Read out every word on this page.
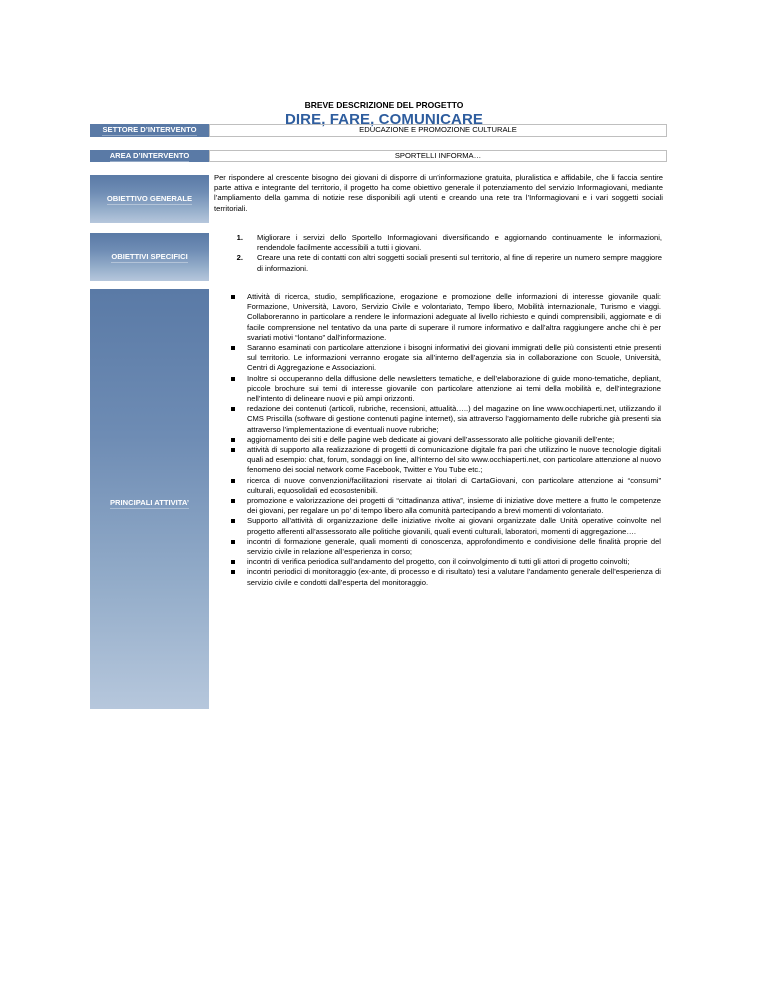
BREVE DESCRIZIONE DEL PROGETTO
DIRE, FARE, COMUNICARE
SETTORE D’INTERVENTO	EDUCAZIONE E PROMOZIONE CULTURALE
AREA D’INTERVENTO	SPORTELLI INFORMA…
OBIETTIVO GENERALE
Per rispondere al crescente bisogno dei giovani di disporre di un’informazione gratuita, pluralistica e affidabile, che li faccia sentire parte attiva e integrante del territorio, il progetto ha come obiettivo generale il potenziamento del servizio Informagiovani, mediante l’ampliamento della gamma di notizie rese disponibili agli utenti e creando una rete tra l’Informagiovani e i vari soggetti sociali territoriali.
OBIETTIVI SPECIFICI
1.	Migliorare i servizi dello Sportello Informagiovani diversificando e aggiornando continuamente le informazioni, rendendole facilmente accessibili a tutti i giovani.
2.	Creare una rete di contatti con altri soggetti sociali presenti sul territorio, al fine di reperire un numero sempre maggiore di informazioni.
PRINCIPALI ATTIVITA’
Attività di ricerca, studio, semplificazione, erogazione e promozione delle informazioni di interesse giovanile quali: Formazione, Università, Lavoro, Servizio Civile e volontariato, Tempo libero, Mobilità internazionale, Turismo e viaggi. Collaboreranno in particolare a rendere le informazioni adeguate al livello richiesto e quindi comprensibili, aggiornate e di facile comprensione nel tentativo da una parte di superare il rumore informativo e dall’altra raggiungere anche chi è per svariati motivi “lontano” dall’informazione.
Saranno esaminati con particolare attenzione i bisogni informativi dei giovani immigrati delle più consistenti etnie presenti sul territorio. Le informazioni verranno erogate sia all’interno dell’agenzia sia in collaborazione con Scuole, Università, Centri di Aggregazione e Associazioni.
Inoltre si occuperanno della diffusione delle newsletters tematiche, e dell’elaborazione di guide mono-tematiche, depliant, piccole brochure sui temi di interesse giovanile con particolare attenzione ai temi della mobilità e, dell’integrazione nell’intento di delineare nuovi e più ampi orizzonti.
redazione dei contenuti (articoli, rubriche, recensioni, attualità…..) del magazine on line www.occhiaperti.net, utilizzando il CMS Priscilla (software di gestione contenuti pagine internet), sia attraverso l’aggiornamento delle rubriche già presenti sia attraverso l’implementazione di eventuali nuove rubriche;
aggiornamento dei siti e delle pagine web dedicate ai giovani dell’assessorato alle politiche giovanili dell’ente;
attività di supporto alla realizzazione di progetti di comunicazione digitale fra pari che utilizzino le nuove tecnologie digitali quali ad esempio: chat, forum, sondaggi on line, all’interno del sito www.occhiaperti.net, con particolare attenzione al nuovo fenomeno dei social network come Facebook, Twitter e You Tube etc.;
ricerca di nuove convenzioni/facilitazioni riservate ai titolari di CartaGiovani, con particolare attenzione ai “consumi” culturali, equosolidali ed ecosostenibili.
promozione e valorizzazione dei progetti di “cittadinanza attiva”, insieme di iniziative dove mettere a frutto le competenze dei giovani, per regalare un po’ di tempo libero alla comunità partecipando a brevi momenti di volontariato.
Supporto all’attività di organizzazione delle iniziative rivolte ai giovani organizzate dalle Unità operative coinvolte nel progetto afferenti all’assessorato alle politiche giovanili, quali eventi culturali, laboratori, momenti di aggregazione….
incontri di formazione generale, quali momenti di conoscenza, approfondimento e condivisione delle finalità proprie del servizio civile in relazione all’esperienza in corso;
incontri di verifica periodica sull’andamento del progetto, con il coinvolgimento di tutti gli attori di progetto coinvolti;
incontri periodici di monitoraggio (ex-ante, di processo e di risultato) tesi a valutare l’andamento generale dell’esperienza di servizio civile e condotti dall’esperta del monitoraggio.
